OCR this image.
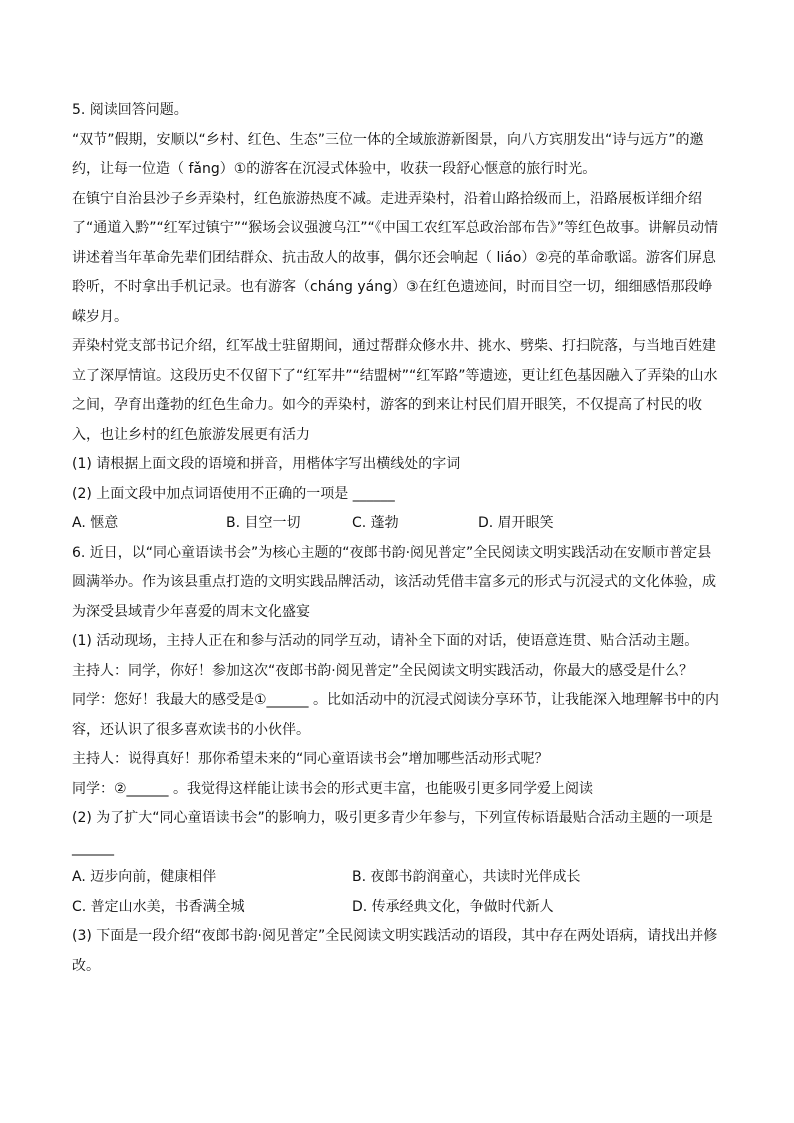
5. 阅读回答问题。

“双节”假期，安顺以“乡村、红色、生态”三位一体的全域旅游新图景，向八方宾朋发出“诗与远方”的邀约，让每一位造（ fǎng）①的游客在沉浸式体验中，收获一段舒心惬意的旅行时光。

在镇宁自治县沙子乡弄染村，红色旅游热度不减。走进弄染村，沿着山路拾级而上，沿路展板详细介绍了“通道入黔”“红军过镇宁”“猴场会议强渡乌江”“《中国工农红军总政治部布告》”等红色故事。讲解员动情讲述着当年革命先辈们团结群众、抗击敌人的故事，偶尔还会响起（ liáo）②亮的革命歌谣。游客们屏息聆听，不时拿出手机记录。也有游客（cháng yáng）③在红色遗迹间，时而目空一切，细细感悟那段峥嵘岁月。

弄染村党支部书记介绍，红军战士驻留期间，通过帮群众修水井、挑水、劈柴、打扫院落，与当地百姓建立了深厚情谊。这段历史不仅留下了“红军井”“结盟树”“红军路”等遗迹，更让红色基因融入了弄染的山水之间，孕育出蓬勃的红色生命力。如今的弄染村，游客的到来让村民们眉开眼笑，不仅提高了村民的收入，也让乡村的红色旅游发展更有活力

(1) 请根据上面文段的语境和拼音，用楷体字写出横线处的字词

(2) 上面文段中加点词语使用不正确的一项是 ______

A. 惬意	B. 目空一切	C. 蓬勃	D. 眉开眼笑

6. 近日，以“同心童语读书会”为核心主题的“夜郎书韵·阅见普定”全民阅读文明实践活动在安顺市普定县圆满举办。作为该县重点打造的文明实践品牌活动，该活动凭借丰富多元的形式与沉浸式的文化体验，成为深受县域青少年喜爱的周末文化盛宴

(1) 活动现场，主持人正在和参与活动的同学互动，请补全下面的对话，使语意连贯、贴合活动主题。

主持人：同学，你好！参加这次“夜郎书韵·阅见普定”全民阅读文明实践活动，你最大的感受是什么？

同学：您好！我最大的感受是①______ 。比如活动中的沉浸式阅读分享环节，让我能深入地理解书中的内容，还认识了很多喜欢读书的小伙伴。

主持人：说得真好！那你希望未来的“同心童语读书会”增加哪些活动形式呢？

同学：②______ 。我觉得这样能让读书会的形式更丰富，也能吸引更多同学爱上阅读

(2) 为了扩大“同心童语读书会”的影响力，吸引更多青少年参与，下列宣传标语最贴合活动主题的一项是______

A. 迈步向前，健康相伴	B. 夜郎书韵润童心，共读时光伴成长
C. 普定山水美，书香满全城	D. 传承经典文化，争做时代新人

(3) 下面是一段介绍“夜郎书韵·阅见普定”全民阅读文明实践活动的语段，其中存在两处语病，请找出并修改。
